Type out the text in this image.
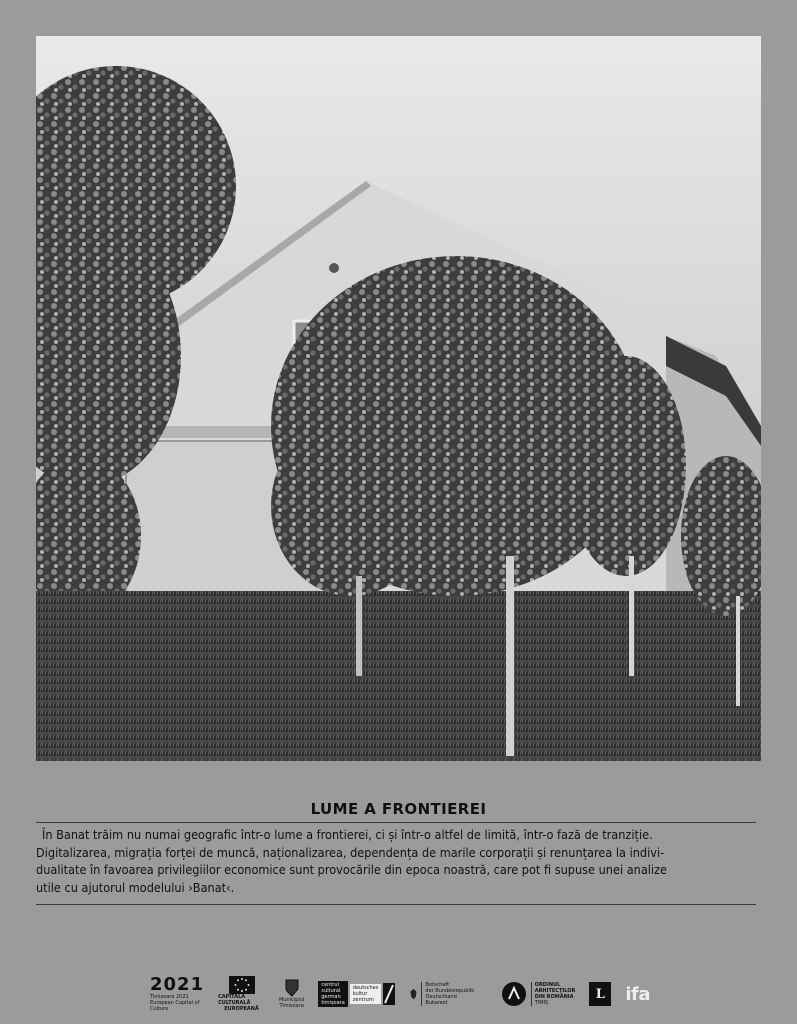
LUME A FRONTIEREI
În Banat trăim nu numai geografic într-o lume a frontierei, ci și într-o altfel de limită, într-o fază de tranziție.
Digitalizarea, migrația forței de muncă, naționalizarea, dependența de marile corporații și renunțarea la indivi-
dualitate în favoarea privilegiilor economice sunt provocările din epoca noastră, care pot fi supuse unei analize
utile cu ajutorul modelului ›Banat‹.
2021
Timișoara 2021
European Capital of Culture
CAPITALĂ CULTURALĂ
EUROPEANĂ
Municipiul
Timișoara
centrul
cultural
german
timișoara
deutsches
kultur
zentrum
Botschaft
der Bundesrepublik Deutschland
Bukarest
ORDINUL
ARHITECȚILOR
DIN ROMÂNIA
TIMIȘ
L ifa
